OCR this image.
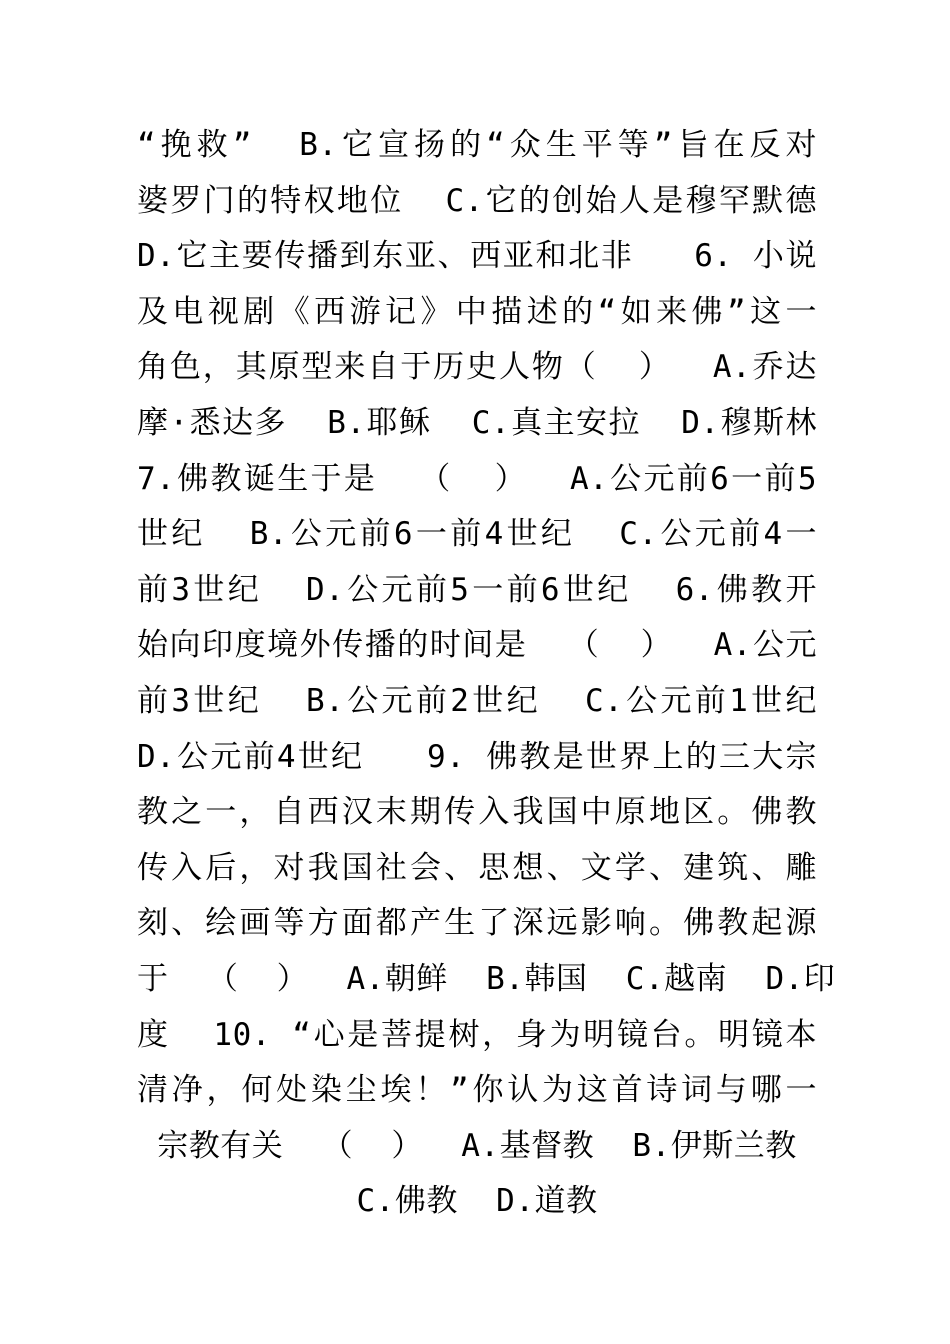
“挽救”  B.它宣扬的“众生平等”旨在反对
婆罗门的特权地位  C.它的创始人是穆罕默德
D.它主要传播到东亚、西亚和北非   6. 小说
及电视剧《西游记》中描述的“如来佛”这一
角色，其原型来自于历史人物（  ）  A.乔达
摩·悉达多  B.耶稣  C.真主安拉  D.穆斯林
7.佛教诞生于是  （  ）  A.公元前6一前5
世纪  B.公元前6一前4世纪  C.公元前4一
前3世纪  D.公元前5一前6世纪  6.佛教开
始向印度境外传播的时间是  （  ）  A.公元
前3世纪  B.公元前2世纪  C.公元前1世纪
D.公元前4世纪   9. 佛教是世界上的三大宗
教之一，自西汉末期传入我国中原地区。佛教
传入后，对我国社会、思想、文学、建筑、雕
刻、绘画等方面都产生了深远影响。佛教起源
于  （  ）  A.朝鲜  B.韩国  C.越南  D.印
度  10. “心是菩提树，身为明镜台。明镜本
清净，何处染尘埃！”你认为这首诗词与哪一
宗教有关  （  ）  A.基督教  B.伊斯兰教
C.佛教  D.道教
